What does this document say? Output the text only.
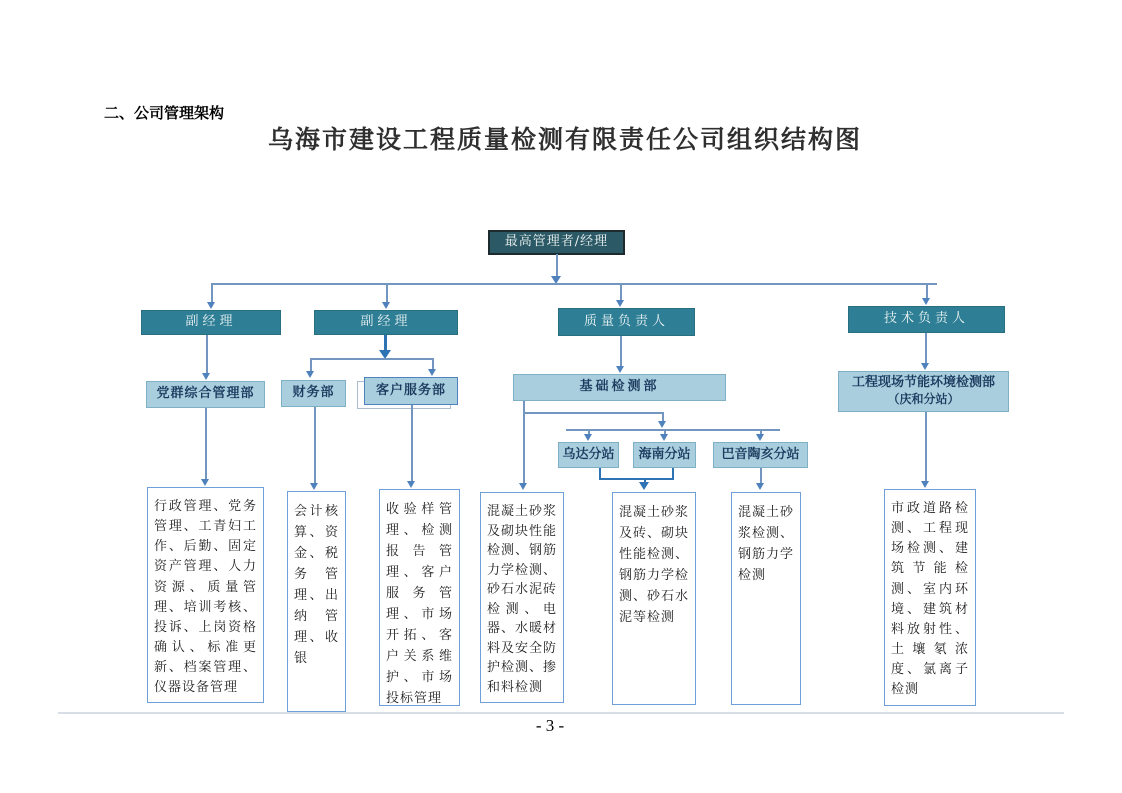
二、公司管理架构
乌海市建设工程质量检测有限责任公司组织结构图
最高管理者/经理
副经理	副经理	质量负责人	技术负责人
党群综合管理部	财务部	客户服务部	基础检测部	工程现场节能环境检测部
（庆和分站）
乌达分站 海南分站 巴音陶亥分站
行政管理、党务管理、工青妇工作、后勤、固定资产管理、人力资源、质量管理、培训考核、投诉、上岗资格确认、标准更新、档案管理、仪器设备管理
会计核算、资金、税务管理、出纳管理、收银
收验样管理、检测报告管理、客户服务管理、市场开拓、客户关系维护、市场投标管理
混凝土砂浆及砌块性能检测、钢筋力学检测、砂石水泥砖检测、电器、水暖材料及安全防护检测、掺和料检测
混凝土砂浆及砖、砌块性能检测、钢筋力学检测、砂石水泥等检测
混凝土砂浆检测、钢筋力学检测
市政道路检测、工程现场检测、建筑节能检测、室内环境、建筑材料放射性、土壤氡浓度、氯离子检测
- 3 -
